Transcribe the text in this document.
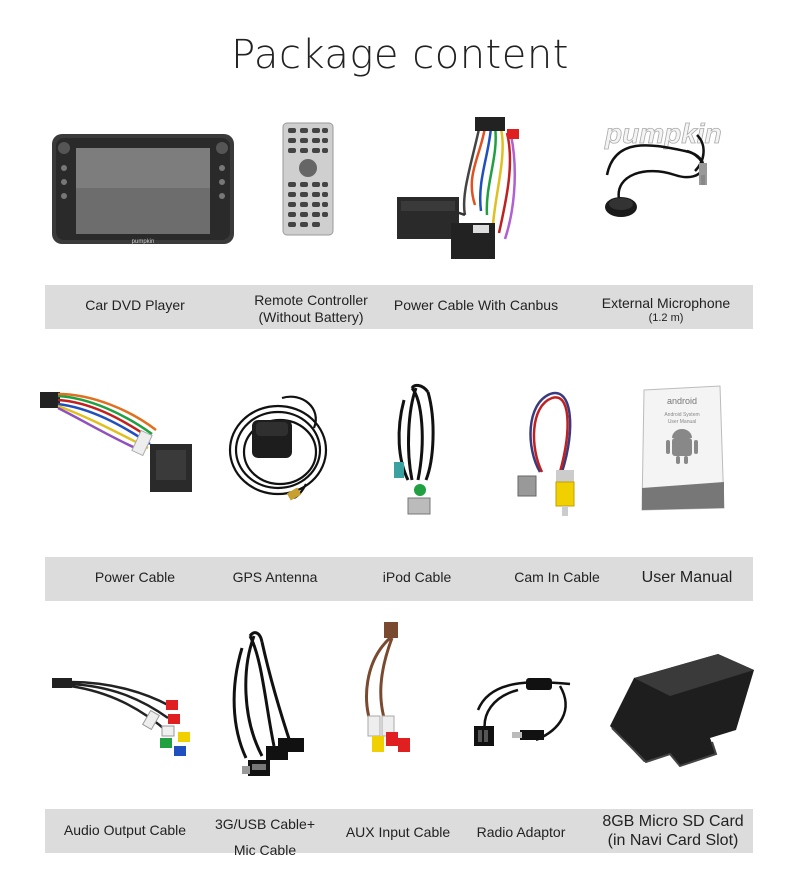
Package content
pumpkin
pumpkin
Car DVD Player	Remote Controller
(Without Battery)
Power Cable With Canbus	External Microphone
(1.2 m)
android
Android System
User Manual
Power Cable	GPS Antenna	iPod Cable	Cam In Cable	User Manual
Audio Output Cable	3G/USB Cable+
Mic Cable
AUX Input Cable	Radio Adaptor
8GB Micro SD Card
(in Navi Card Slot)
